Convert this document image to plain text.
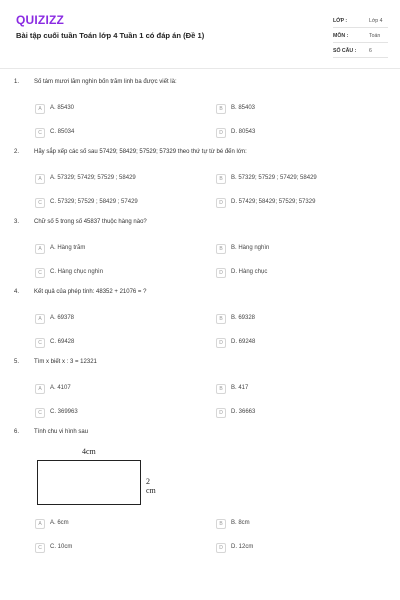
QUIZIZZ
Bài tập cuối tuần Toán lớp 4 Tuần 1 có đáp án (Đề 1)
LỚP :	Lớp 4
MÔN :	Toán
SỐ CÂU : 6
1. Số tám mươi lăm nghìn bốn trăm linh ba được viết là:
A	A. 85430	B	B. 85403
C	C. 85034	D	D. 80543
2. Hãy sắp xếp các số sau 57429; 58429; 57529; 57329 theo thứ tự từ bé đến lớn:
A	A. 57329; 57429; 57529 ; 58429	B	B. 57329; 57529 ; 57429; 58429
C	C. 57329; 57529 ; 58429 ; 57429	D	D. 57429; 58429; 57529; 57329
3. Chữ số 5 trong số 45837 thuộc hàng nào?
A	A. Hàng trăm	B	B. Hàng nghìn
C	C. Hàng chục nghìn	D	D. Hàng chục
4. Kết quả của phép tính: 48352 + 21076 = ?
A	A. 69378	B	B. 69328
C	C. 69428	D	D. 69248
5. Tìm x biết x : 3 = 12321
A	A. 4107	B	B. 417
C	C. 369963	D	D. 36663
6. Tính chu vi hình sau
4cm
2 cm
A	A. 6cm	B	B. 8cm
C	C. 10cm	D	D. 12cm
